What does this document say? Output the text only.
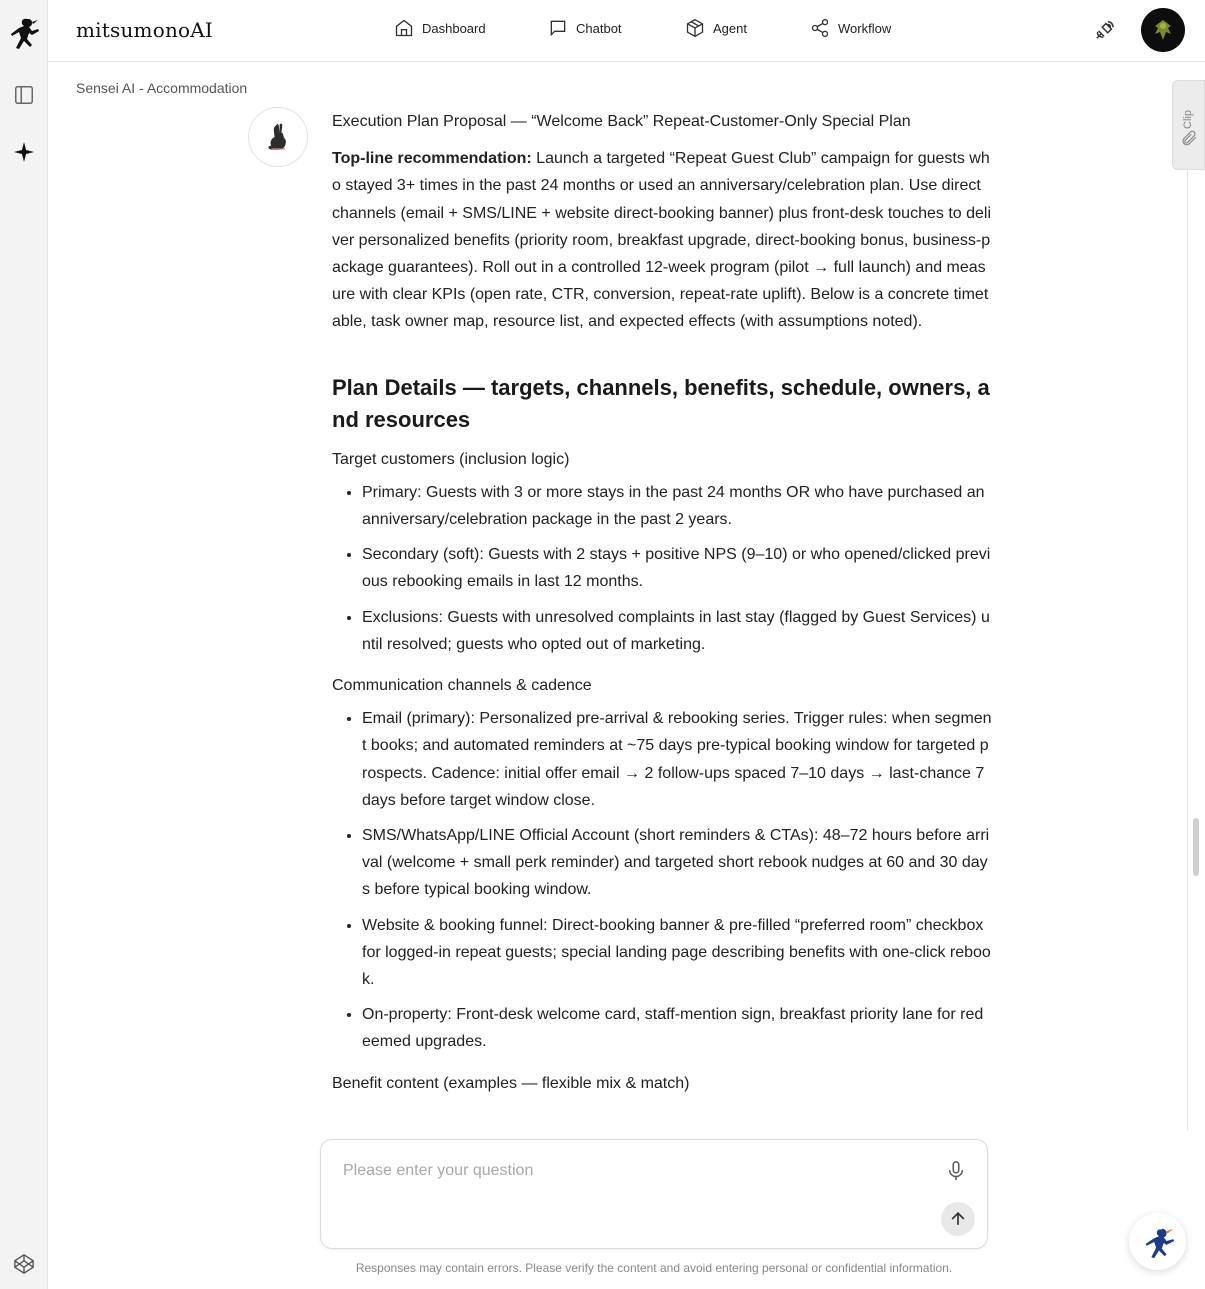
mitsumonoAI	Dashboard	Chatbot	Agent	Workflow
Sensei AI - Accommodation

Execution Plan Proposal — “Welcome Back” Repeat-Customer-Only Special Plan

Top-line recommendation: Launch a targeted “Repeat Guest Club” campaign for guests who stayed 3+ times in the past 24 months or used an anniversary/celebration plan. Use direct channels (email + SMS/LINE + website direct-booking banner) plus front-desk touches to deliver personalized benefits (priority room, breakfast upgrade, direct-booking bonus, business-package guarantees). Roll out in a controlled 12-week program (pilot → full launch) and measure with clear KPIs (open rate, CTR, conversion, repeat-rate uplift). Below is a concrete timetable, task owner map, resource list, and expected effects (with assumptions noted).

Plan Details — targets, channels, benefits, schedule, owners, and resources

Target customers (inclusion logic)

• Primary: Guests with 3 or more stays in the past 24 months OR who have purchased an anniversary/celebration package in the past 2 years.
• Secondary (soft): Guests with 2 stays + positive NPS (9–10) or who opened/clicked previous rebooking emails in last 12 months.
• Exclusions: Guests with unresolved complaints in last stay (flagged by Guest Services) until resolved; guests who opted out of marketing.

Communication channels & cadence

• Email (primary): Personalized pre-arrival & rebooking series. Trigger rules: when segment books; and automated reminders at ~75 days pre-typical booking window for targeted prospects. Cadence: initial offer email → 2 follow-ups spaced 7–10 days → last-chance 7 days before target window close.
• SMS/WhatsApp/LINE Official Account (short reminders & CTAs): 48–72 hours before arrival (welcome + small perk reminder) and targeted short rebook nudges at 60 and 30 days before typical booking window.
• Website & booking funnel: Direct-booking banner & pre-filled “preferred room” checkbox for logged-in repeat guests; special landing page describing benefits with one-click rebook.
• On-property: Front-desk welcome card, staff-mention sign, breakfast priority lane for redeemed upgrades.

Benefit content (examples — flexible mix & match)

Clip
Please enter your question
Responses may contain errors. Please verify the content and avoid entering personal or confidential information.
